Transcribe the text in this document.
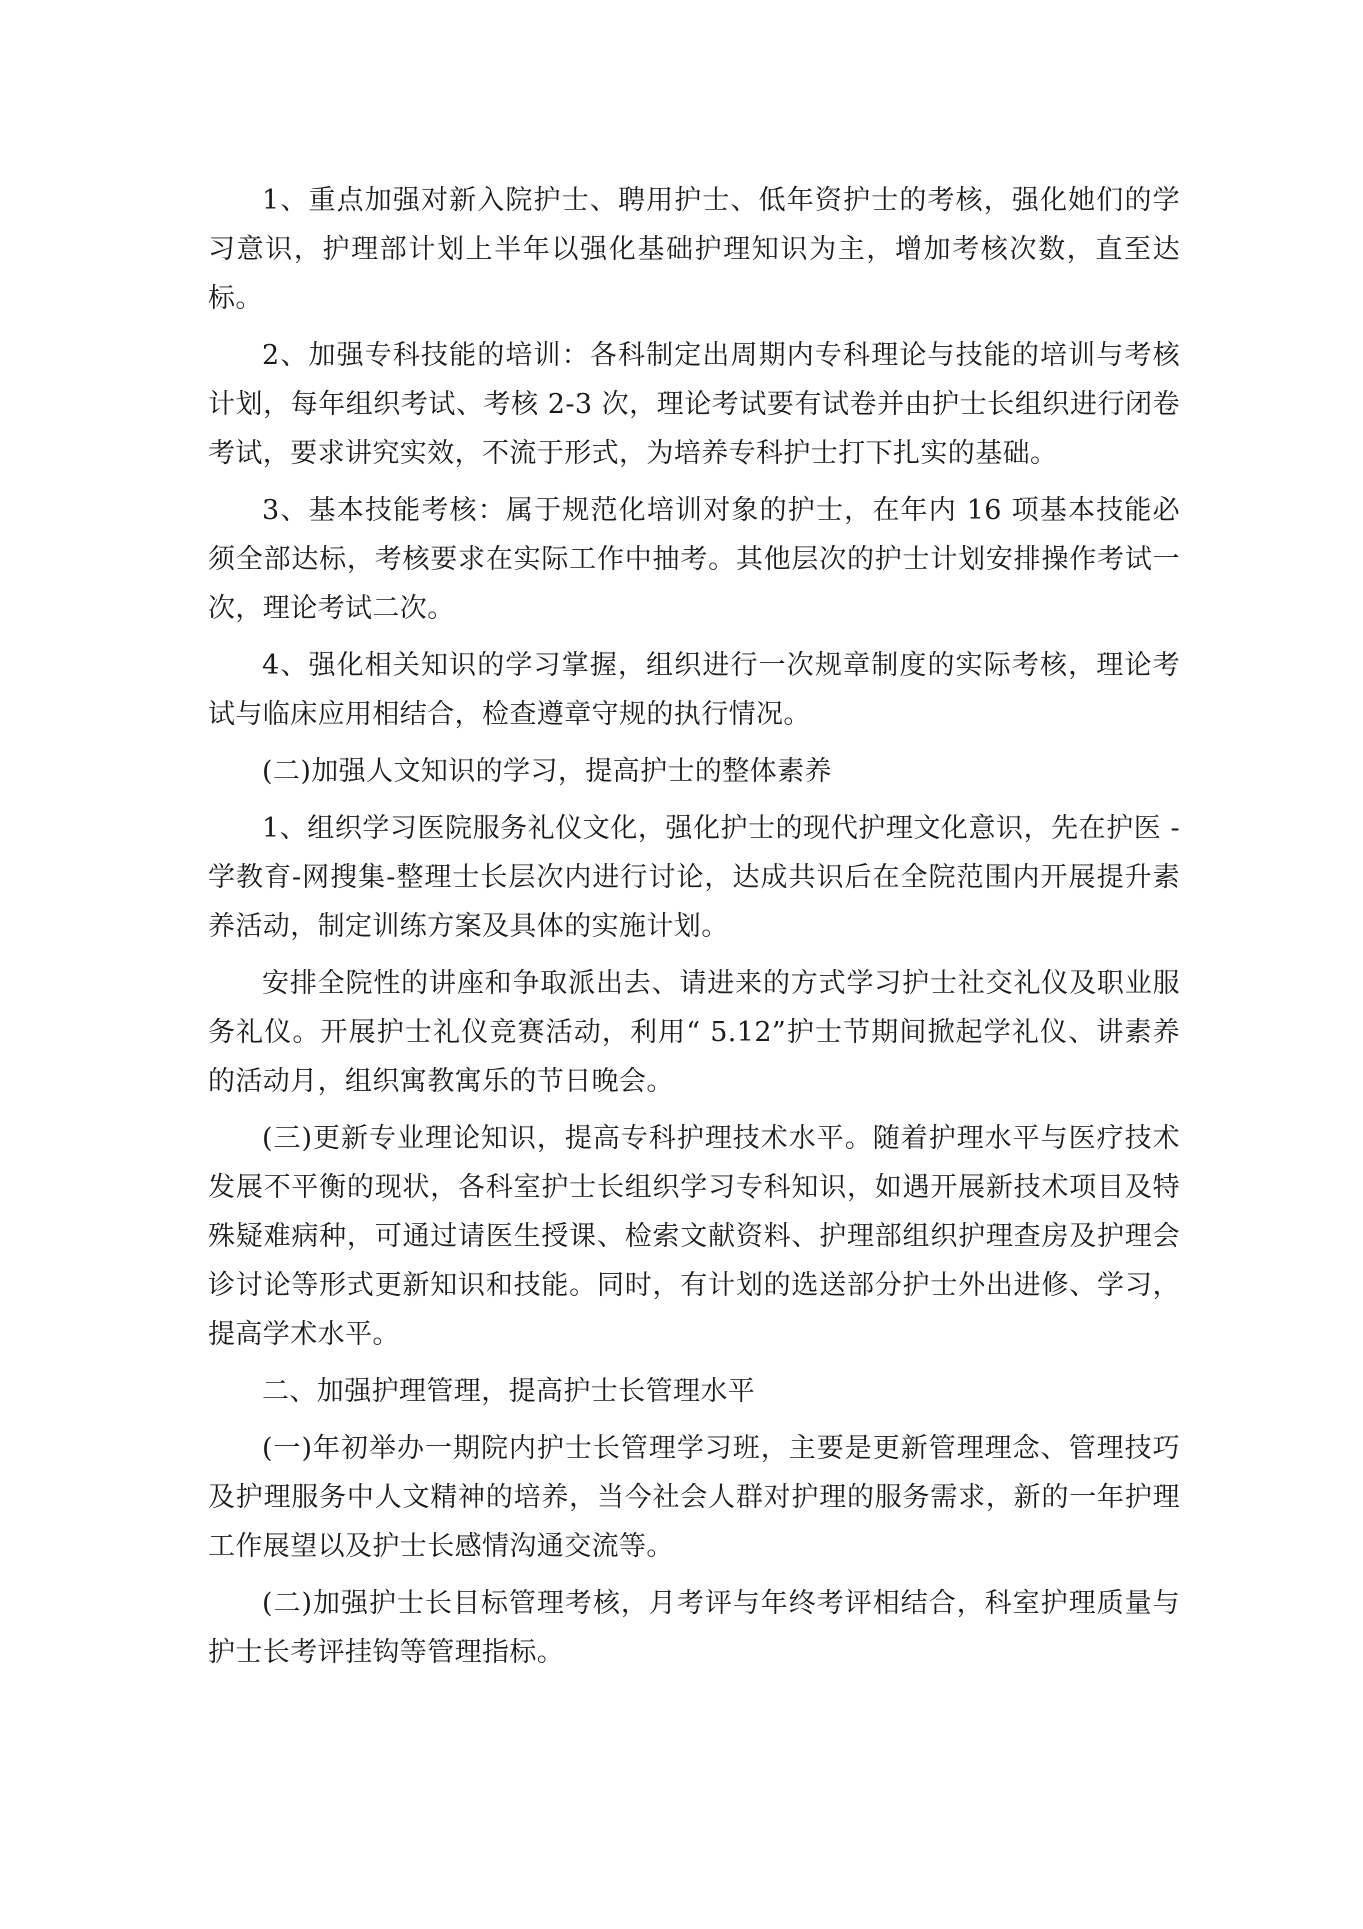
1、重点加强对新入院护士、聘用护士、低年资护士的考核，强化她们的学习意识，护理部计划上半年以强化基础护理知识为主，增加考核次数，直至达标。

2、加强专科技能的培训：各科制定出周期内专科理论与技能的培训与考核计划，每年组织考试、考核 2-3 次，理论考试要有试卷并由护士长组织进行闭卷考试，要求讲究实效，不流于形式，为培养专科护士打下扎实的基础。

3、基本技能考核：属于规范化培训对象的护士，在年内 16 项基本技能必须全部达标，考核要求在实际工作中抽考。其他层次的护士计划安排操作考试一次，理论考试二次。

4、强化相关知识的学习掌握，组织进行一次规章制度的实际考核，理论考试与临床应用相结合，检查遵章守规的执行情况。

(二)加强人文知识的学习，提高护士的整体素养

1、组织学习医院服务礼仪文化，强化护士的现代护理文化意识，先在护医 -学教育-网搜集-整理士长层次内进行讨论，达成共识后在全院范围内开展提升素养活动，制定训练方案及具体的实施计划。

安排全院性的讲座和争取派出去、请进来的方式学习护士社交礼仪及职业服务礼仪。开展护士礼仪竞赛活动，利用“ 5.12”护士节期间掀起学礼仪、讲素养的活动月，组织寓教寓乐的节日晚会。

(三)更新专业理论知识，提高专科护理技术水平。随着护理水平与医疗技术发展不平衡的现状，各科室护士长组织学习专科知识，如遇开展新技术项目及特殊疑难病种，可通过请医生授课、检索文献资料、护理部组织护理查房及护理会诊讨论等形式更新知识和技能。同时，有计划的选送部分护士外出进修、学习，提高学术水平。

二、加强护理管理，提高护士长管理水平

(一)年初举办一期院内护士长管理学习班，主要是更新管理理念、管理技巧及护理服务中人文精神的培养，当今社会人群对护理的服务需求，新的一年护理工作展望以及护士长感情沟通交流等。

(二)加强护士长目标管理考核，月考评与年终考评相结合，科室护理质量与护士长考评挂钩等管理指标。
